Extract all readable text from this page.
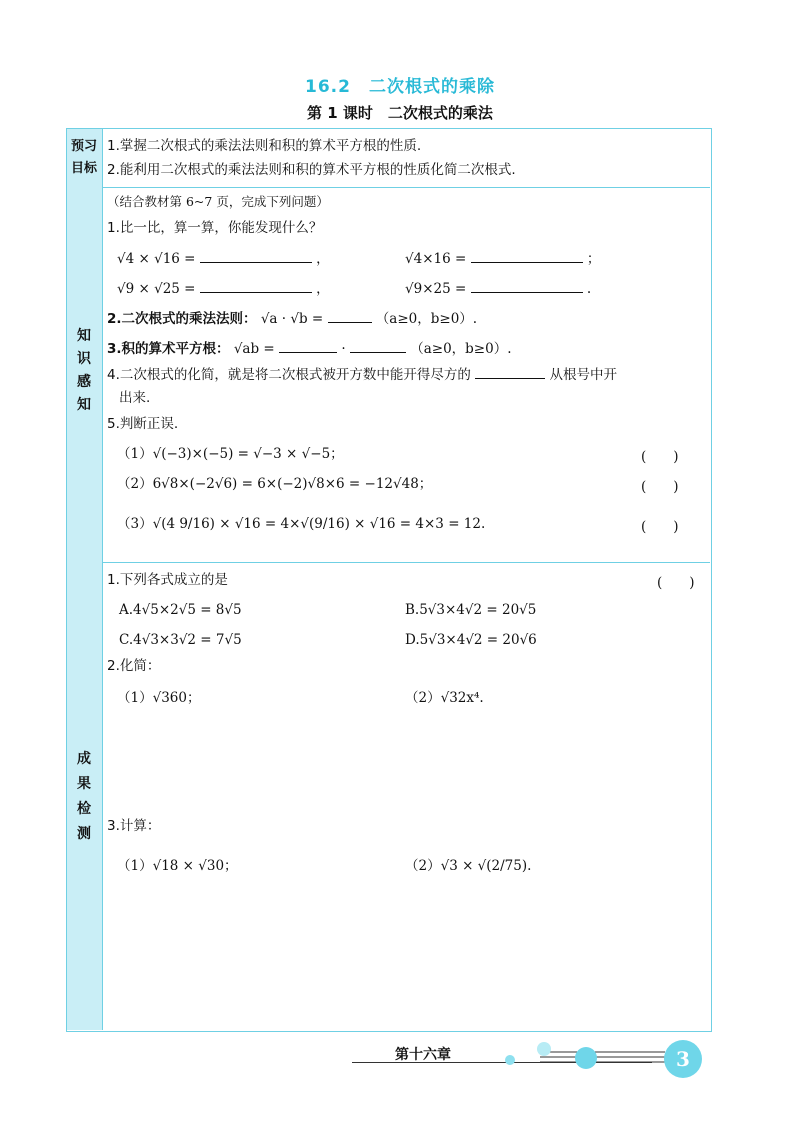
16.2　二次根式的乘除
第 1 课时　二次根式的乘法
预习
目标
1.掌握二次根式的乘法法则和积的算术平方根的性质.
2.能利用二次根式的乘法法则和积的算术平方根的性质化简二次根式.
知
识
感
知
（结合教材第 6~7 页，完成下列问题）
1.比一比，算一算，你能发现什么？
√4 × √16 =	，	√4×16 =	；
√9 × √25 =	，	√9×25 =	.
2.二次根式的乘法法则： √a · √b =	（a≥0，b≥0）.
3.积的算术平方根： √ab =	·	（a≥0，b≥0）.
4.二次根式的化简，就是将二次根式被开方数中能开得尽方的	从根号中开
出来.
5.判断正误.
（1）√(−3)×(−5) = √−3 × √−5；	(　　)
（2）6√8×(−2√6) = 6×(−2)√8×6 = −12√48；	(　　)
（3）√(4 9/16) × √16 = 4×√(9/16) × √16 = 4×3 = 12.	(　　)
成
果
检
测
1.下列各式成立的是	(　　)
A.4√5×2√5 = 8√5	B.5√3×4√2 = 20√5
C.4√3×3√2 = 7√5	D.5√3×4√2 = 20√6
2.化简：
（1）√360；	（2）√32x⁴.
3.计算：
（1）√18 × √30；	（2）√3 × √(2/75).
第十六章	3
